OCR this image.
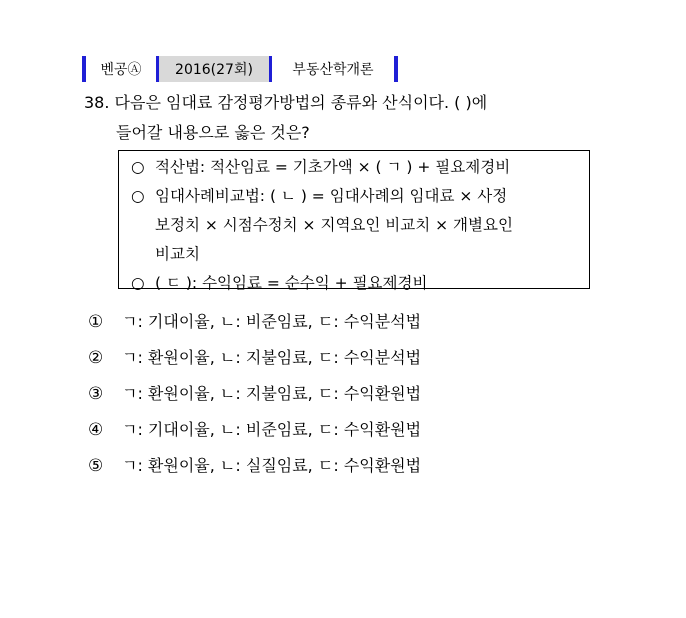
벤공Ⓐ	2016(27회)	부동산학개론
38. 다음은 임대료 감정평가방법의 종류와 산식이다. ( )에
들어갈 내용으로 옳은 것은?
○ 적산법: 적산임료 = 기초가액 × ( ㄱ ) + 필요제경비
○ 임대사례비교법: ( ㄴ ) = 임대사례의 임대료 × 사정
보정치 × 시점수정치 × 지역요인 비교치 × 개별요인
비교치
○ ( ㄷ ): 수익임료 = 순수익 + 필요제경비
①	ㄱ: 기대이율, ㄴ: 비준임료, ㄷ: 수익분석법
②	ㄱ: 환원이율, ㄴ: 지불임료, ㄷ: 수익분석법
③	ㄱ: 환원이율, ㄴ: 지불임료, ㄷ: 수익환원법
④	ㄱ: 기대이율, ㄴ: 비준임료, ㄷ: 수익환원법
⑤	ㄱ: 환원이율, ㄴ: 실질임료, ㄷ: 수익환원법
